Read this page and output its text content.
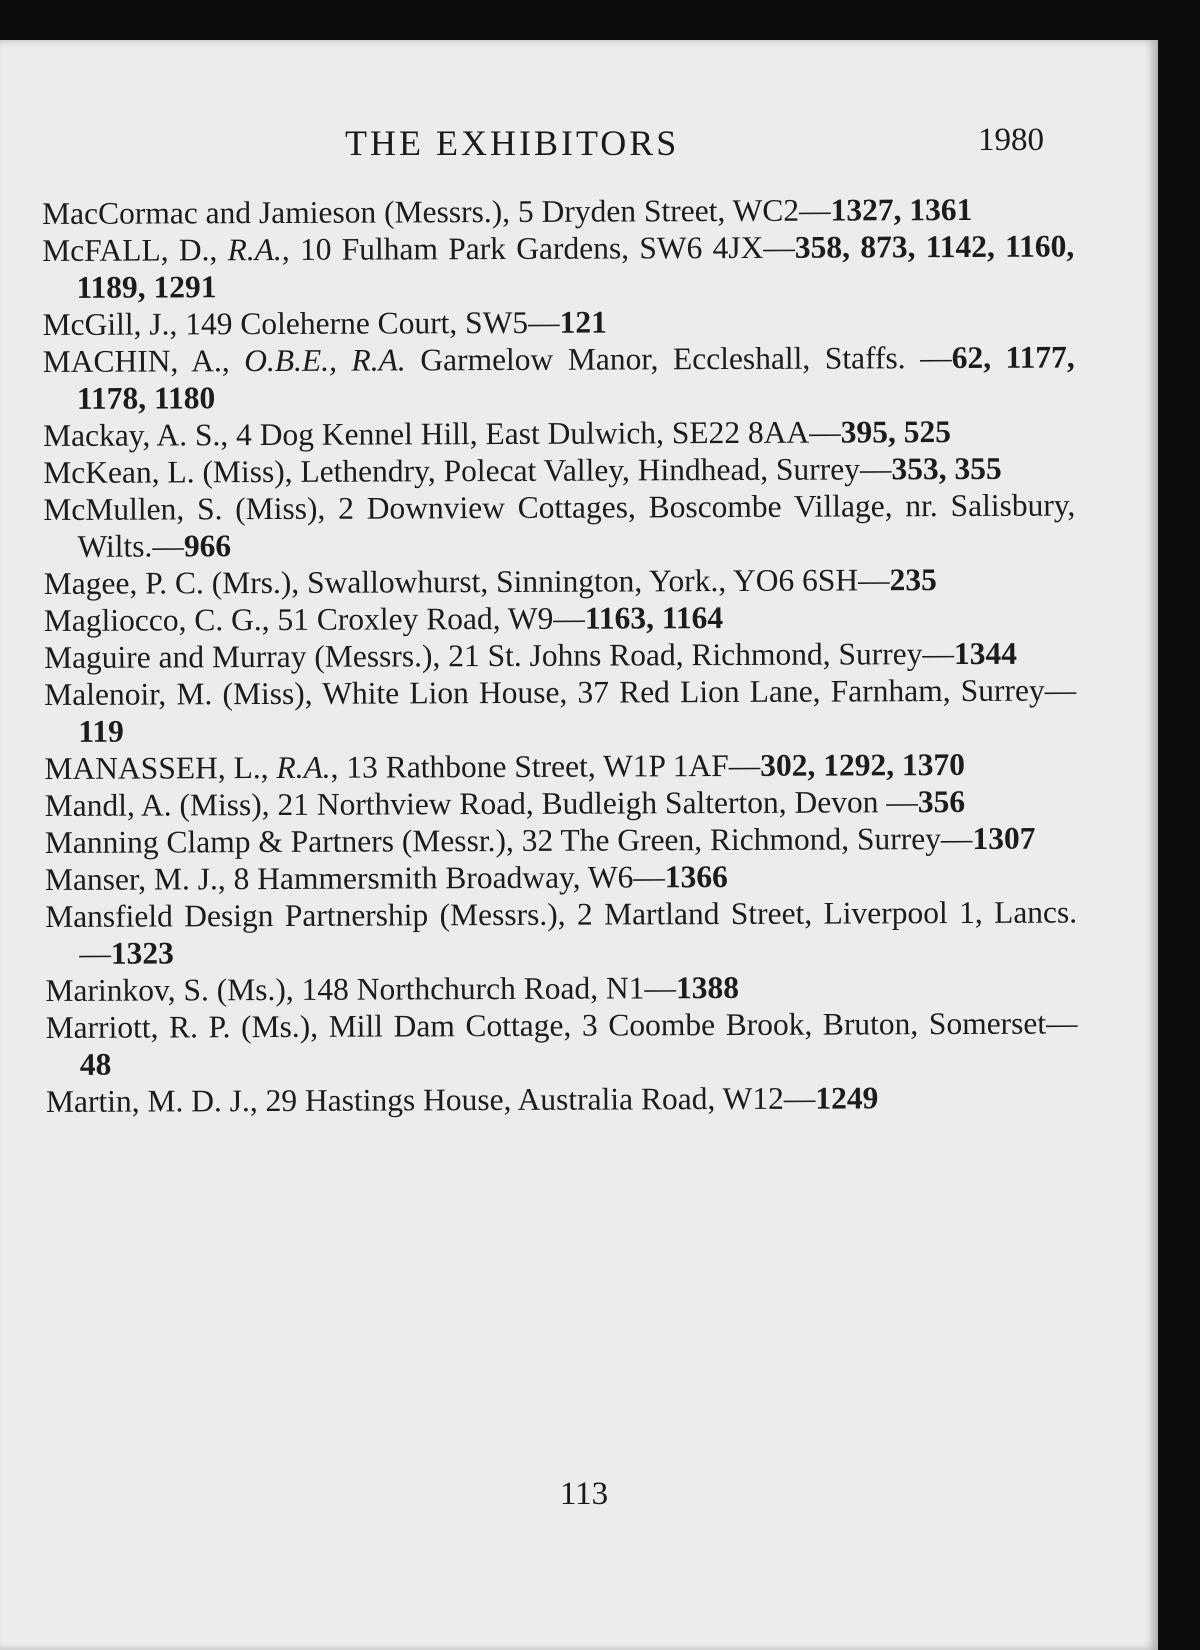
THE EXHIBITORS	1980

MacCormac and Jamieson (Messrs.), 5 Dryden Street, WC2—1327, 1361

McFALL, D., R.A., 10 Fulham Park Gardens, SW6 4JX—358, 873, 1142, 1160, 1189, 1291

McGill, J., 149 Coleherne Court, SW5—121

MACHIN, A., O.B.E., R.A. Garmelow Manor, Eccleshall, Staffs. —62, 1177, 1178, 1180

Mackay, A. S., 4 Dog Kennel Hill, East Dulwich, SE22 8AA—395, 525

McKean, L. (Miss), Lethendry, Polecat Valley, Hindhead, Surrey—353, 355

McMullen, S. (Miss), 2 Downview Cottages, Boscombe Village, nr. Salisbury, Wilts.—966

Magee, P. C. (Mrs.), Swallowhurst, Sinnington, York., YO6 6SH—235

Magliocco, C. G., 51 Croxley Road, W9—1163, 1164

Maguire and Murray (Messrs.), 21 St. Johns Road, Richmond, Surrey—1344

Malenoir, M. (Miss), White Lion House, 37 Red Lion Lane, Farnham, Surrey—119

MANASSEH, L., R.A., 13 Rathbone Street, W1P 1AF—302, 1292, 1370

Mandl, A. (Miss), 21 Northview Road, Budleigh Salterton, Devon —356

Manning Clamp & Partners (Messr.), 32 The Green, Richmond, Surrey—1307

Manser, M. J., 8 Hammersmith Broadway, W6—1366

Mansfield Design Partnership (Messrs.), 2 Martland Street, Liverpool 1, Lancs.—1323

Marinkov, S. (Ms.), 148 Northchurch Road, N1—1388

Marriott, R. P. (Ms.), Mill Dam Cottage, 3 Coombe Brook, Bruton, Somerset—48

Martin, M. D. J., 29 Hastings House, Australia Road, W12—1249

113
